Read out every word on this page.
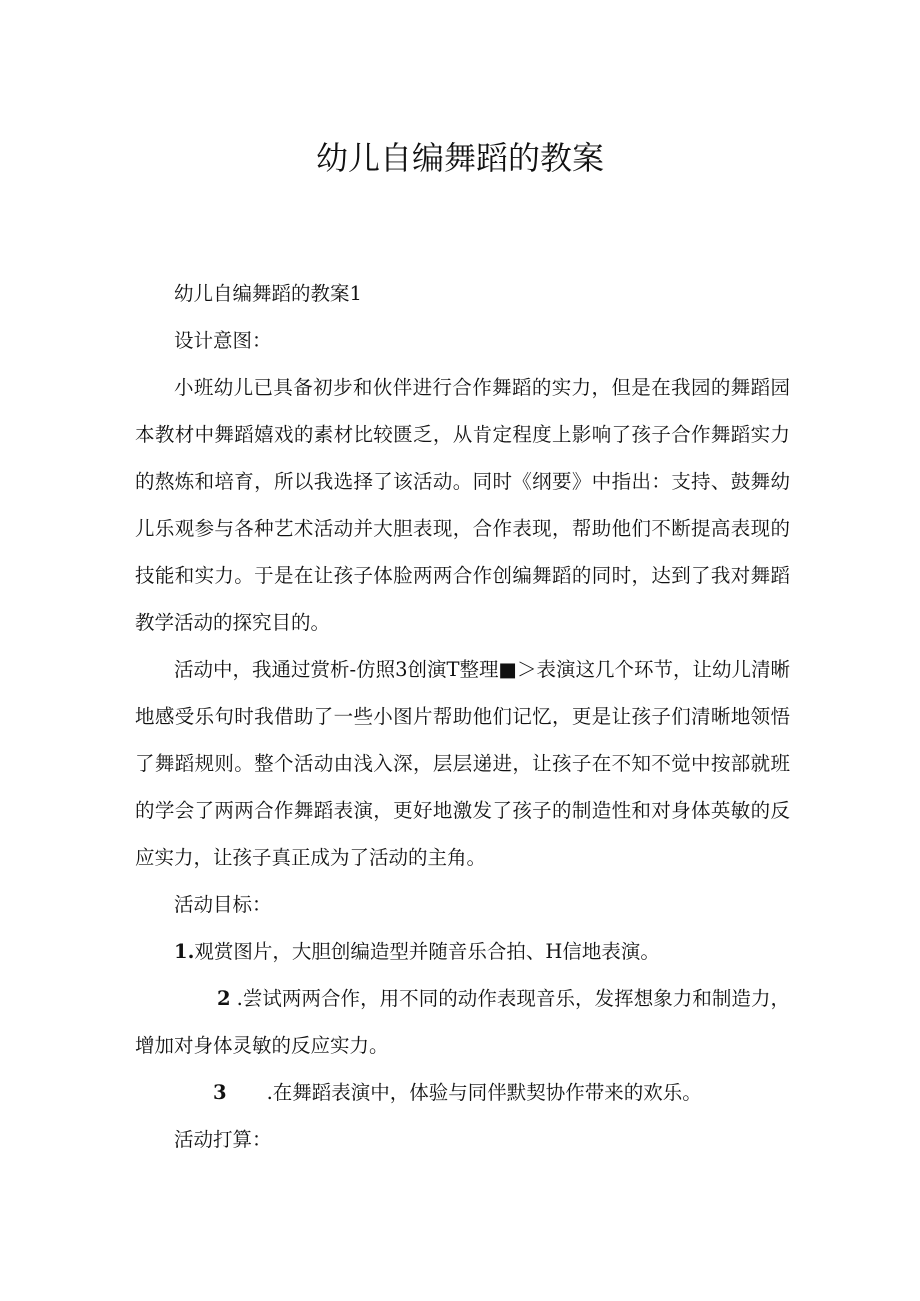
幼儿自编舞蹈的教案

幼儿自编舞蹈的教案1

设计意图：

小班幼儿已具备初步和伙伴进行合作舞蹈的实力，但是在我园的舞蹈园本教材中舞蹈嬉戏的素材比较匮乏，从肯定程度上影响了孩子合作舞蹈实力的熬炼和培育，所以我选择了该活动。同时《纲要》中指出：支持、鼓舞幼儿乐观参与各种艺术活动并大胆表现，合作表现，帮助他们不断提高表现的技能和实力。于是在让孩子体脸两两合作创编舞蹈的同时，达到了我对舞蹈教学活动的探究目的。

活动中，我通过赏析-仿照3创演T整理■＞表演这几个环节，让幼儿清晰地感受乐句时我借助了一些小图片帮助他们记忆，更是让孩子们清晰地领悟了舞蹈规则。整个活动由浅入深，层层递进，让孩子在不知不觉中按部就班的学会了两两合作舞蹈表演，更好地激发了孩子的制造性和对身体英敏的反应实力，让孩子真正成为了活动的主角。

活动目标：

1.观赏图片，大胆创编造型并随音乐合拍、H信地表演。

2 .尝试两两合作，用不同的动作表现音乐，发挥想象力和制造力，增加对身体灵敏的反应实力。

3 .在舞蹈表演中，体验与同伴默契协作带来的欢乐。

活动打算：
